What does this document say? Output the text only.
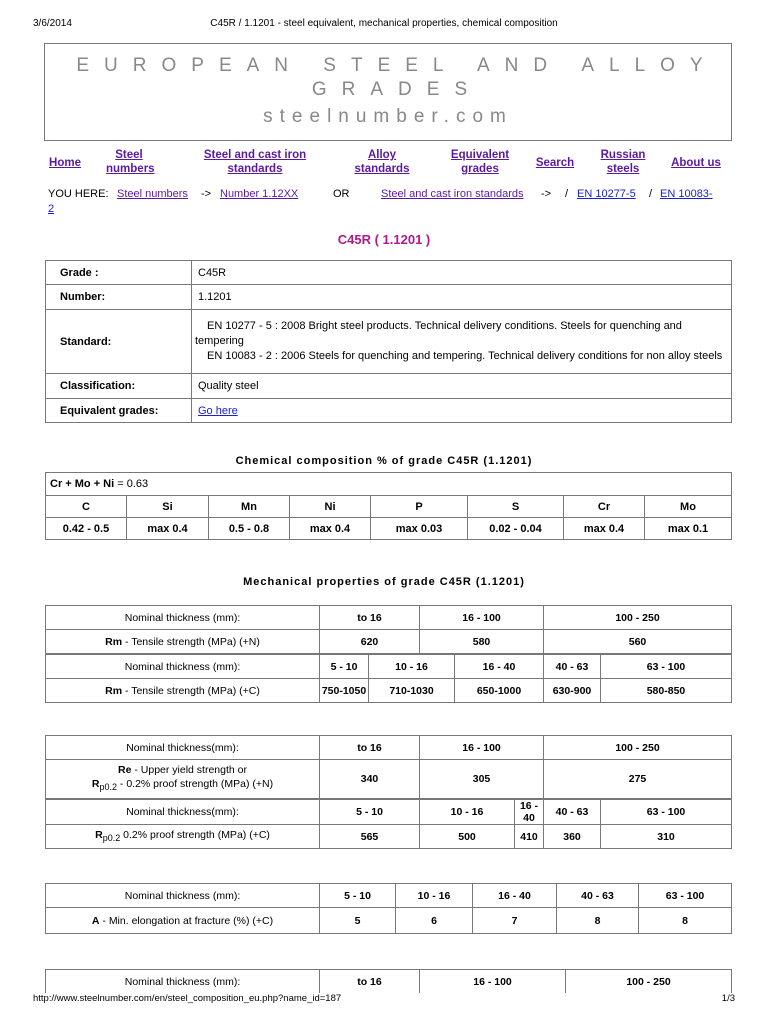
3/6/2014	C45R / 1.1201 - steel equivalent, mechanical properties, chemical composition
EUROPEAN STEEL AND ALLOY GRADES
steelnumber.com
Home
Steel numbers
Steel and cast iron standards
Alloy standards
Equivalent grades	Search
Russian steels	About us
YOU HERE: Steel numbers -> Number 1.12XX	OR	Steel and cast iron standards -> / EN 10277-5 / EN 10083-
2
C45R ( 1.1201 )
Grade :	C45R
Number:	1.1201
Standard:	EN 10277 - 5 : 2008 Bright steel products. Technical delivery conditions. Steels for quenching and tempering
EN 10083 - 2 : 2006 Steels for quenching and tempering. Technical delivery conditions for non alloy steels

Classification:	Quality steel
Equivalent grades:	Go here
Chemical composition % of grade C45R (1.1201)
Cr + Mo + Ni = 0.63							
C	Si	Mn	Ni	P	S	Cr	Mo
0.42 - 0.5	max 0.4	0.5 - 0.8	max 0.4	max 0.03	0.02 - 0.04	max 0.4	max 0.1
Mechanical properties of grade C45R (1.1201)
Nominal thickness (mm):	to 16		16 - 100		100 - 250	
Rm - Tensile strength (MPa) (+N)	620		580		560	
Nominal thickness (mm):	5 - 10	10 - 16		16 - 40	40 - 63	63 - 100
Rm - Tensile strength (MPa) (+C)	750-1050	710-1030		650-1000	630-900	580-850
Nominal thickness(mm):	to 16	16 - 100		100 - 250	

Re - Upper yield strength or
$R_{p0.2} - 0.2\%$ proof strength (MPa) (+N)	340	305		275	
Nominal thickness(mm):	5 - 10	10 - 16	16 - 40	40 - 63	63 - 100
$R_{p0.2}$ 0.2% proof strength (MPa) (+C)	565	500	410	360	310
Nominal thickness (mm):	5 - 10	10 - 16	16 - 40	40 - 63	63 - 100
A - Min. elongation at fracture (%) (+C)	5	6	7	8	8
Nominal thickness (mm):	to 16	16 - 100	100 - 250
http://www.steelnumber.com/en/steel_composition_eu.php?name_id=187	1/3
